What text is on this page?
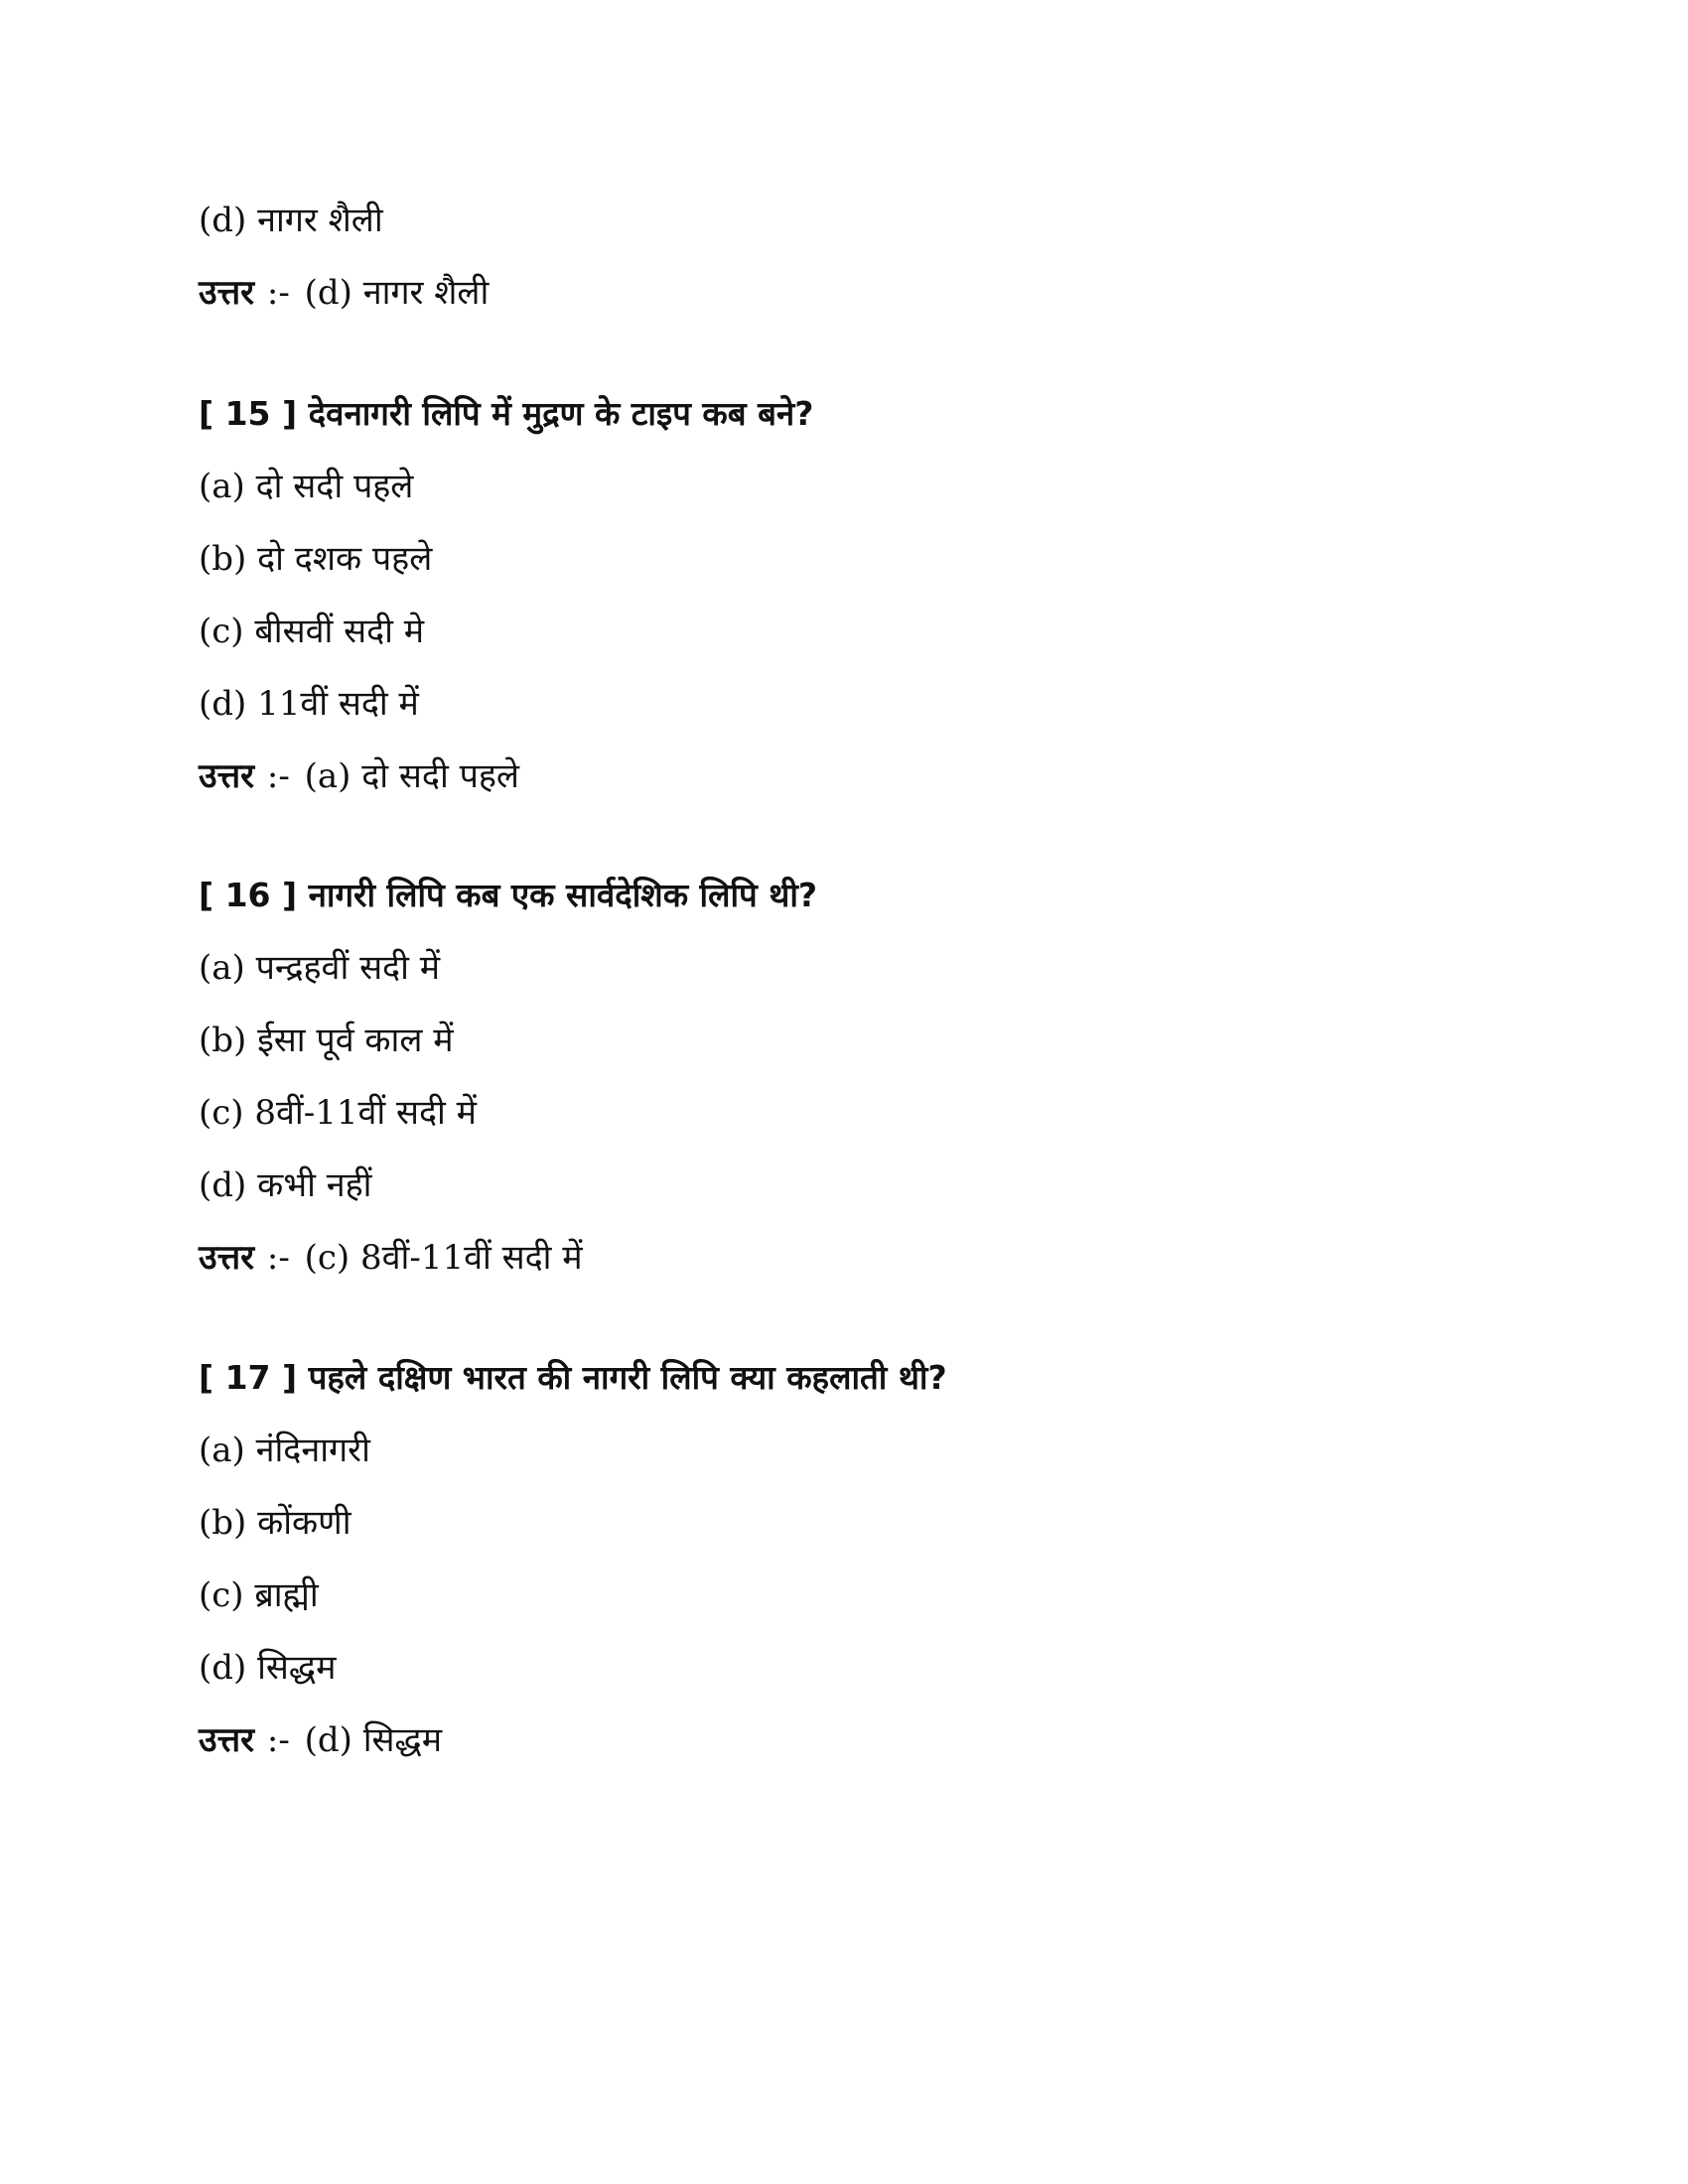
(d) नागर शैली
उत्तर :- (d) नागर शैली
[ 15 ] देवनागरी लिपि में मुद्रण के टाइप कब बने?
(a) दो सदी पहले
(b) दो दशक पहले
(c) बीसवीं सदी मे
(d) 11वीं सदी में
उत्तर :- (a) दो सदी पहले
[ 16 ] नागरी लिपि कब एक सार्वदेशिक लिपि थी?
(a) पन्द्रहवीं सदी में
(b) ईसा पूर्व काल में
(c) 8वीं-11वीं सदी में
(d) कभी नहीं
उत्तर :- (c) 8वीं-11वीं सदी में
[ 17 ] पहले दक्षिण भारत की नागरी लिपि क्या कहलाती थी?
(a) नंदिनागरी
(b) कोंकणी
(c) ब्राह्मी
(d) सिद्धम
उत्तर :- (d) सिद्धम
